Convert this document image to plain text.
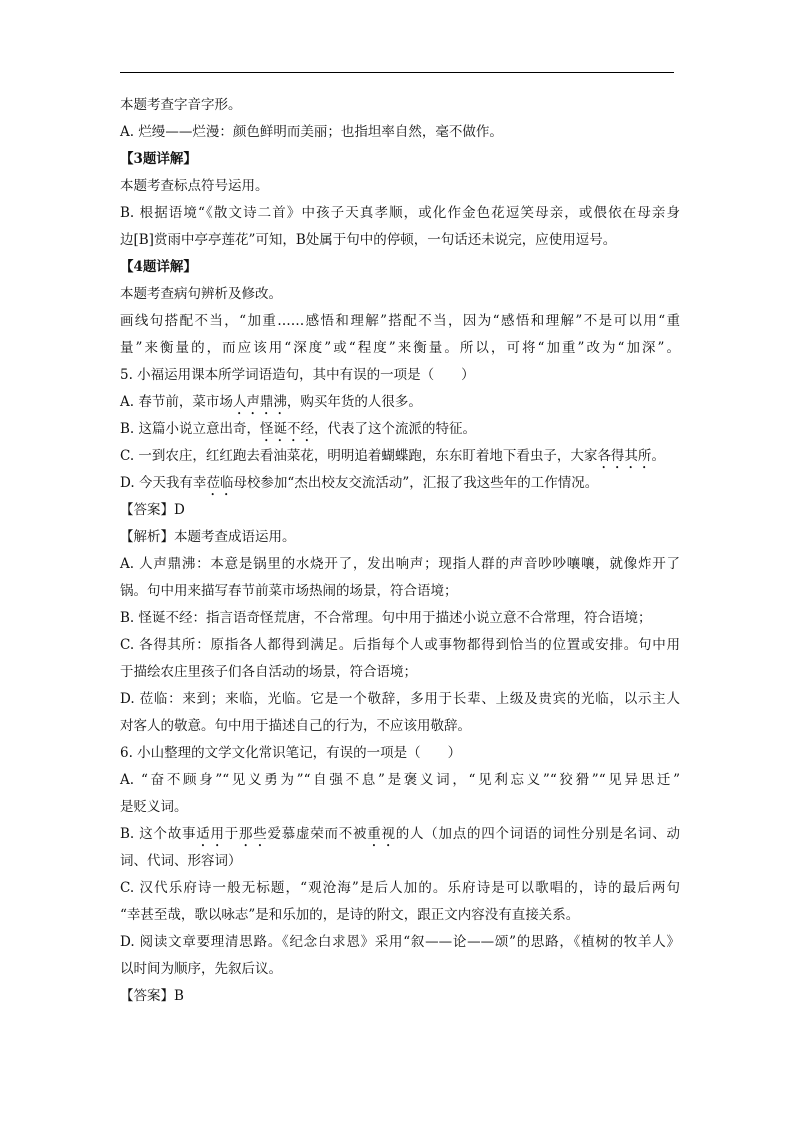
本题考查字音字形。
A. 烂缦——烂漫：颜色鲜明而美丽；也指坦率自然，毫不做作。
【3题详解】
本题考查标点符号运用。
B. 根据语境“《散文诗二首》中孩子天真孝顺，或化作金色花逗笑母亲，或偎依在母亲身
边[B]赏雨中亭亭莲花”可知，B处属于句中的停顿，一句话还未说完，应使用逗号。
【4题详解】
本题考查病句辨析及修改。
画线句搭配不当，“加重……感悟和理解”搭配不当，因为“感悟和理解”不是可以用“重
量”来衡量的，而应该用“深度”或“程度”来衡量。所以，可将“加重”改为“加深”。
5. 小福运用课本所学词语造句，其中有误的一项是（　　）
A. 春节前，菜市场人声鼎沸，购买年货的人很多。
B. 这篇小说立意出奇，怪诞不经，代表了这个流派的特征。
C. 一到农庄，红红跑去看油菜花，明明追着蝴蝶跑，东东盯着地下看虫子，大家各得其所。
D. 今天我有幸莅临母校参加“杰出校友交流活动”，汇报了我这些年的工作情况。
【答案】D
【解析】本题考查成语运用。
A. 人声鼎沸：本意是锅里的水烧开了，发出响声；现指人群的声音吵吵嚷嚷，就像炸开了
锅。句中用来描写春节前菜市场热闹的场景，符合语境；
B. 怪诞不经：指言语奇怪荒唐，不合常理。句中用于描述小说立意不合常理，符合语境；
C. 各得其所：原指各人都得到满足。后指每个人或事物都得到恰当的位置或安排。句中用
于描绘农庄里孩子们各自活动的场景，符合语境；
D. 莅临：来到；来临，光临。它是一个敬辞，多用于长辈、上级及贵宾的光临，以示主人
对客人的敬意。句中用于描述自己的行为，不应该用敬辞。
6. 小山整理的文学文化常识笔记，有误的一项是（　　）
A. “奋不顾身”“见义勇为”“自强不息”是褒义词，“见利忘义”“狡猾”“见异思迁”
是贬义词。
B. 这个故事适用于那些爱慕虚荣而不被重视的人（加点的四个词语的词性分别是名词、动
词、代词、形容词）
C. 汉代乐府诗一般无标题，“观沧海”是后人加的。乐府诗是可以歌唱的，诗的最后两句
“幸甚至哉，歌以咏志”是和乐加的，是诗的附文，跟正文内容没有直接关系。
D. 阅读文章要理清思路。《纪念白求恩》采用“叙——论——颂”的思路，《植树的牧羊人》
以时间为顺序，先叙后议。
【答案】B
